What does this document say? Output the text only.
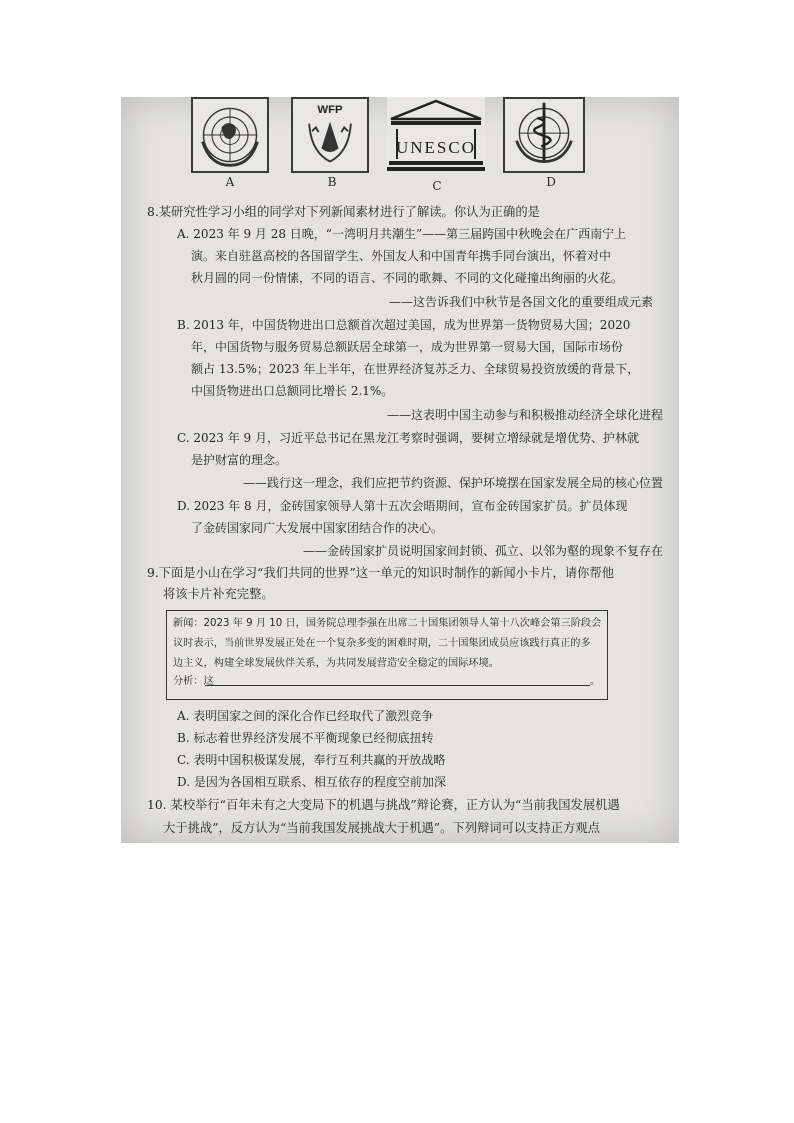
A
WFP
B
UNESCO
C	D
8.某研究性学习小组的同学对下列新闻素材进行了解读。你认为正确的是
A. 2023 年 9 月 28 日晚，“一湾明月共潮生”——第三届跨国中秋晚会在广西南宁上
演。来自驻邕高校的各国留学生、外国友人和中国青年携手同台演出，怀着对中
秋月圆的同一份情愫，不同的语言、不同的歌舞、不同的文化碰撞出绚丽的火花。
——这告诉我们中秋节是各国文化的重要组成元素
B. 2013 年，中国货物进出口总额首次超过美国，成为世界第一货物贸易大国；2020
年，中国货物与服务贸易总额跃居全球第一，成为世界第一贸易大国，国际市场份
额占 13.5%；2023 年上半年，在世界经济复苏乏力、全球贸易投资放缓的背景下，
中国货物进出口总额同比增长 2.1%。
——这表明中国主动参与和积极推动经济全球化进程
C. 2023 年 9 月，习近平总书记在黑龙江考察时强调，要树立增绿就是增优势、护林就
是护财富的理念。
——践行这一理念，我们应把节约资源、保护环境摆在国家发展全局的核心位置
D. 2023 年 8 月，金砖国家领导人第十五次会晤期间，宣布金砖国家扩员。扩员体现
了金砖国家同广大发展中国家团结合作的决心。
——金砖国家扩员说明国家间封锁、孤立、以邻为壑的现象不复存在
9.下面是小山在学习“我们共同的世界”这一单元的知识时制作的新闻小卡片，请你帮他
将该卡片补充完整。
新闻：2023 年 9 月 10 日，国务院总理李强在出席二十国集团领导人第十八次峰会第三阶段会
议时表示，当前世界发展正处在一个复杂多变的困难时期，二十国集团成员应该践行真正的多
边主义，构建全球发展伙伴关系，为共同发展营造安全稳定的国际环境。
分析：这	。
A. 表明国家之间的深化合作已经取代了激烈竞争
B. 标志着世界经济发展不平衡现象已经彻底扭转
C. 表明中国积极谋发展，奉行互利共赢的开放战略
D. 是因为各国相互联系、相互依存的程度空前加深
10. 某校举行“百年未有之大变局下的机遇与挑战”辩论赛，正方认为“当前我国发展机遇
大于挑战”，反方认为“当前我国发展挑战大于机遇”。下列辩词可以支持正方观点
